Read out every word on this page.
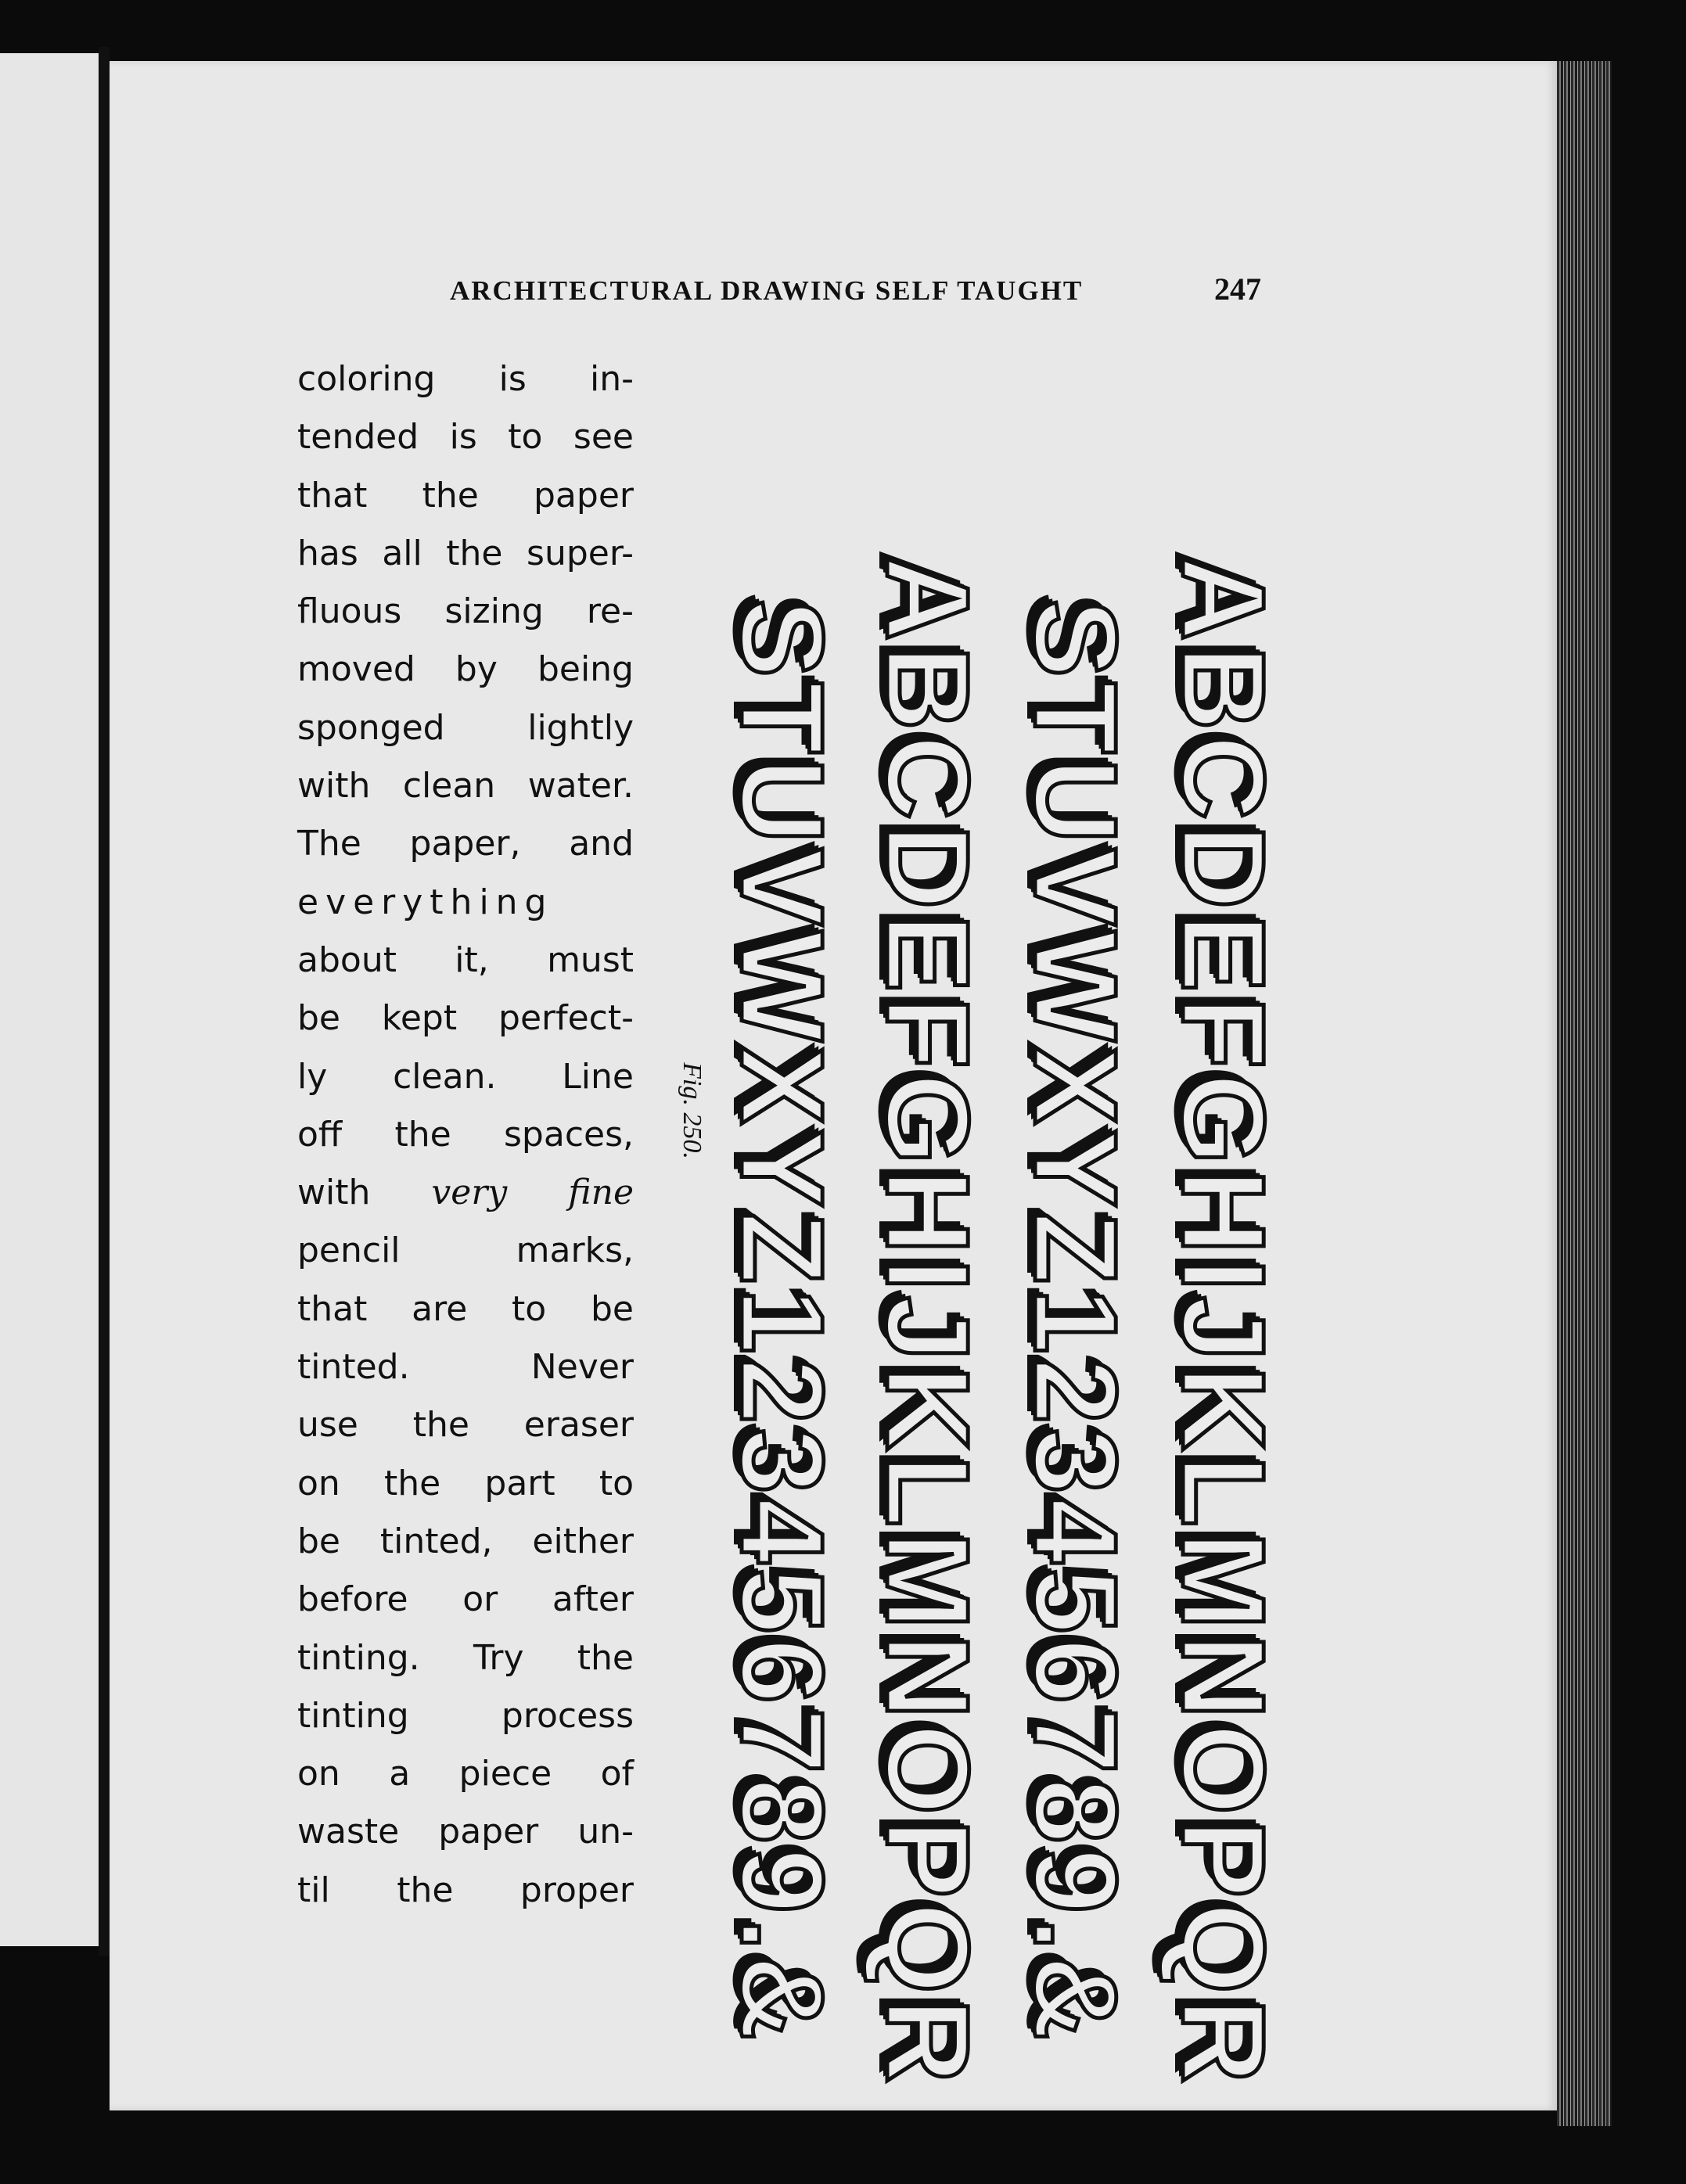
ARCHITECTURAL DRAWING SELF TAUGHT	247
coloring is in-
tended is to see
that the paper
has all the super-
fluous sizing re-
moved by being
sponged lightly
with clean water.
The paper, and
everything
about it, must
be kept perfect-
ly clean. Line
off the spaces,
with very fine
pencil marks,
that are to be
tinted. Never
use the eraser
on the part to
be tinted, either
before or after
tinting. Try the
tinting process
on a piece of
waste paper un-
til the proper
Fig. 250.	ABCDEFGHIJKLMNOPQR
STUVWXYZ123456789.&
ABCDEFGHIJKLMNOPQR
STUVWXYZ123456789.&
